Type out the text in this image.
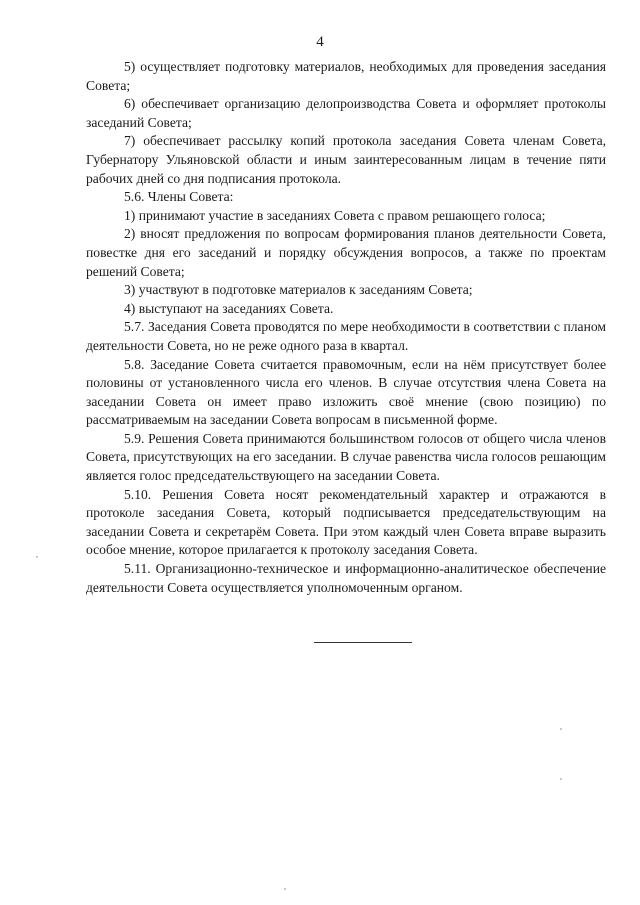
4

5) осуществляет подготовку материалов, необходимых для проведения заседания Совета;

6) обеспечивает организацию делопроизводства Совета и оформляет протоколы заседаний Совета;

7) обеспечивает рассылку копий протокола заседания Совета членам Совета, Губернатору Ульяновской области и иным заинтересованным лицам в течение пяти рабочих дней со дня подписания протокола.

5.6. Члены Совета:

1) принимают участие в заседаниях Совета с правом решающего голоса;

2) вносят предложения по вопросам формирования планов деятельности Совета, повестке дня его заседаний и порядку обсуждения вопросов, а также по проектам решений Совета;

3) участвуют в подготовке материалов к заседаниям Совета;

4) выступают на заседаниях Совета.

5.7. Заседания Совета проводятся по мере необходимости в соответствии с планом деятельности Совета, но не реже одного раза в квартал.

5.8. Заседание Совета считается правомочным, если на нём присутствует более половины от установленного числа его членов. В случае отсутствия члена Совета на заседании Совета он имеет право изложить своё мнение (свою позицию) по рассматриваемым на заседании Совета вопросам в письменной форме.

5.9. Решения Совета принимаются большинством голосов от общего числа членов Совета, присутствующих на его заседании. В случае равенства числа голосов решающим является голос председательствующего на заседании Совета.

5.10. Решения Совета носят рекомендательный характер и отражаются в протоколе заседания Совета, который подписывается председательствующим на заседании Совета и секретарём Совета. При этом каждый член Совета вправе выразить особое мнение, которое прилагается к протоколу заседания Совета.

5.11. Организационно-техническое и информационно-аналитическое обеспечение деятельности Совета осуществляется уполномоченным органом.
